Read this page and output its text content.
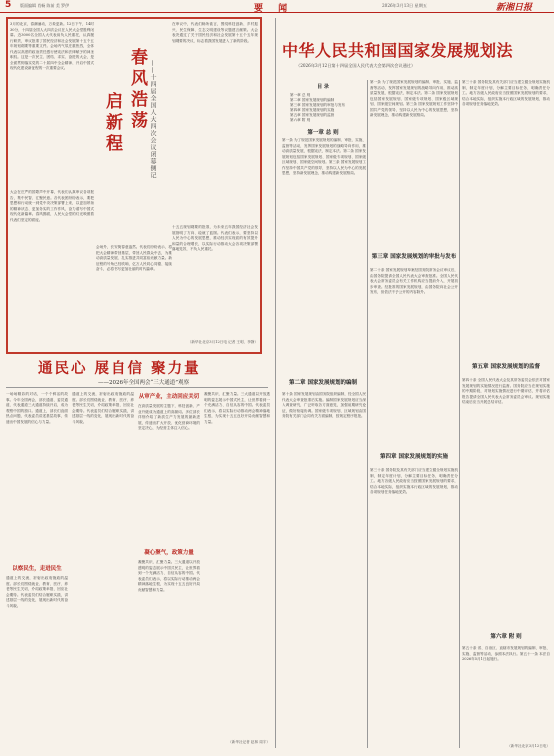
5 版面编辑 肖畅 陈前 美 罗伊	要 闻	2026年3月13日 星期五	新湘日报
3月的北京，春潮涌动，万象更新。12日下午，14时30分，十四届全国人大四次会议在人民大会堂胜利闭幕。近3000名全国人大代表肩负人民重托，认真履行职责，审议批准了国民经济和社会发展第十五个五年规划纲要等重要文件。会场内气氛庄重热烈，全体代表以高度的政治责任感行使宪法和法律赋予的神圣职权。这是一次民主、团结、求实、奋进的大会，是全面贯彻落实党的二十届四中全会精神、开启中国式现代化建设新征程的一次重要会议。
大会在庄严的国歌声中开幕，代表们认真审议各项报告，集中民智、汇聚民意。各代表团纷纷表示，要把思想和行动统一到党中央决策部署上来，以更加昂扬的精神状态、更加务实的工作作风，奋力谱写中国式现代化新篇章。春风拂面，人民大会堂的灯光映照着代表们坚定的面庞。
春风浩荡
启新程	——十四届全国人大四次会议闭幕侧记
会场外，长安街春意盎然。代表们纷纷表示，将把大会精神带回基层，带回人民群众中去，为推动高质量发展、扎实推进共同富裕贡献力量。新征程的号角已经吹响，亿万人民同心同德、接续奋斗，必将书写更加壮丽的时代篇章。
在审议中，代表们畅所欲言，围绕科技创新、乡村振兴、民生保障、生态文明建设等议题建言献策。大会表决通过了关于国民经济和社会发展第十五个五年规划纲要的决议，标志着我国发展进入了新的阶段。
十五五规划纲要的批准，为未来五年我国经济社会发展指明了方向、绘就了蓝图。代表们表示，要坚持以人民为中心的发展思想，推动经济实现质的有效提升和量的合理增长，以实际行动推动大会各项决策部署落地见效，不负人民重托。
（新华社北京3月12日电 记者 王明、李静）
中华人民共和国国家发展规划法
（2026年3月12日第十四届全国人民代表大会第四次会议通过）
目 录
第一章 总 则
第二章 国家发展规划的编制
第三章 国家发展规划的审批与发布
第四章 国家发展规划的实施
第五章 国家发展规划的监督
第六章 附 则
第一章 总 则
第一条 为了规范国家发展规划的编制、审批、实施、监督等活动，发挥国家发展规划的战略导向作用，推动高质量发展，根据宪法，制定本法。第二条 国家发展规划包括国家发展规划、国家级专项规划、国家级区域规划、国家级空间规划。第三条 国家发展规划工作坚持中国共产党的领导，坚持以人民为中心的发展思想，坚持新发展理念，推动构建新发展格局。
第二章 国家发展规划的编制
第十条 国家发展规划由国务院组织编制，经全国人民代表大会审查批准后实施。编制国家发展规划应当深入调查研究，广泛听取各方面意见，加强前期研究论证，做好衔接协调。国家级专项规划、区域规划由国务院有关部门会同有关方面编制，按规定程序报批。
第一条 为了规范国家发展规划的编制、审批、实施、监督等活动，发挥国家发展规划的战略导向作用，推动高质量发展，根据宪法，制定本法。第二条 国家发展规划包括国家发展规划、国家级专项规划、国家级区域规划、国家级空间规划。第三条 国家发展规划工作坚持中国共产党的领导，坚持以人民为中心的发展思想，坚持新发展理念，推动构建新发展格局。
第三章 国家发展规划的审批与发布
第二十条 国家发展规划草案经国务院常务会议审议后，由国务院提请全国人民代表大会审查批准。全国人民代表大会常务委员会有关工作机构应当提前介入，开展初步审查。经批准的国家发展规划，由国务院向社会公开发布，但依法不予公开的内容除外。
第四章 国家发展规划的实施
第三十条 国务院及其有关部门应当建立健全规划实施机制，制定年度计划，分解主要目标任务，明确责任分工。地方各级人民政府应当按照国家发展规划的要求，结合本地实际，组织实施本行政区域的发展规划，推动各项规划任务落地见效。
第三十条 国务院及其有关部门应当建立健全规划实施机制，制定年度计划，分解主要目标任务，明确责任分工。地方各级人民政府应当按照国家发展规划的要求，结合本地实际，组织实施本行政区域的发展规划，推动各项规划任务落地见效。
第五章 国家发展规划的监督
第四十条 全国人民代表大会及其常务委员会依法对国家发展规划的实施情况进行监督。国务院应当在规划实施的中期阶段，对规划实施情况进行中期评估，并将评估报告提请全国人民代表大会常务委员会审议。规划实施结束后应当开展总结评估。
第六章 附 则
第五十条 省、自治区、直辖市发展规划的编制、审批、实施、监督等活动，参照本法执行。第五十一条 本法自2026年5月1日起施行。
（新华社北京3月12日电）
通民心 展自信 聚力量
——2026年全国两会“三大通道”观察
一场场精彩的对话，一个个鲜活的故事。今年全国两会，部长通道、委员通道、代表通道三大通道持续开启，成为观察中国的窗口。通道上，部长们直面热点问题，代表委员讲述基层故事，传递出中国发展的信心与力量。
以察民生，走进民生
通道上的交流，折射出政府施政的温度。部长们围绕就业、教育、医疗、养老等民生关切，介绍政策举措，回应社会期待。代表委员们结合履职实践，讲述基层一线的变化，展现出新时代的奋斗风貌。
通道上的交流，折射出政府施政的温度。部长们围绕就业、教育、医疗、养老等民生关切，介绍政策举措，回应社会期待。代表委员们结合履职实践，讲述基层一线的变化，展现出新时代的奋斗风貌。
从审产业，主动回应关切
在高质量发展的主题下，科技创新、产业升级成为通道上的高频词。多位部长详细介绍了新质生产力发展的最新进展，传递出扩大开放、优化营商环境的坚定决心，为经营主体注入信心。
凝心聚气，政策力量
凝聚共识、汇聚力量。三大通道以开放透明的姿态展示中国式民主，让世界看到一个充满活力、自信从容的中国。代表委员们表示，将以实际行动推动两会精神落地生根，为实现十五五良好开局贡献智慧和力量。
凝聚共识、汇聚力量。三大通道以开放透明的姿态展示中国式民主，让世界看到一个充满活力、自信从容的中国。代表委员们表示，将以实际行动推动两会精神落地生根，为实现十五五良好开局贡献智慧和力量。
（新华社记者 赵林 周宇）
